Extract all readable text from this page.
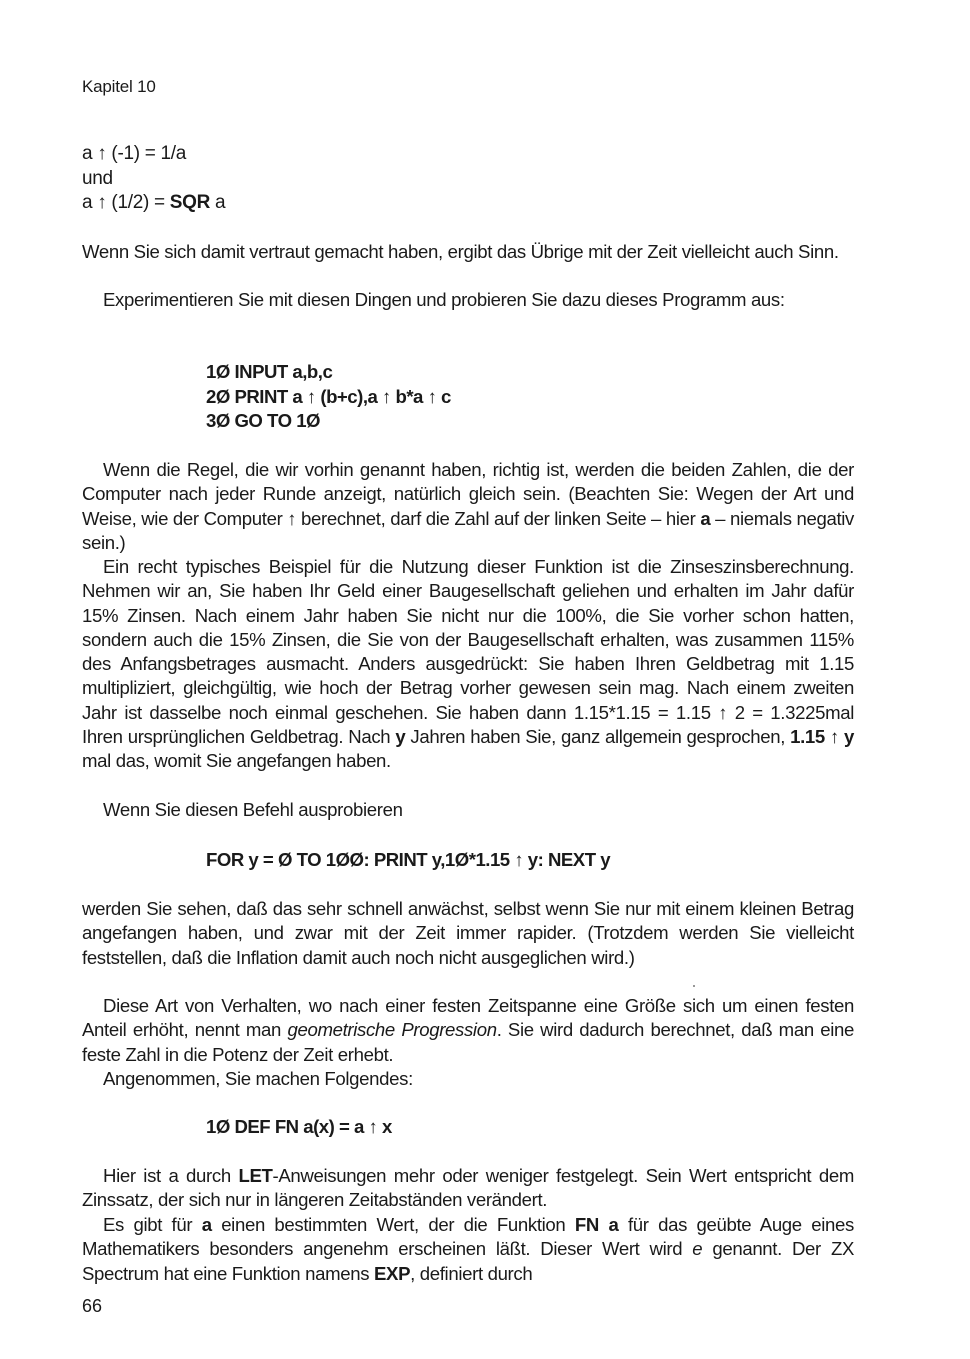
Kapitel 10
a ↑ (-1) = 1/a
und
a ↑ (1/2) = SQR a

Wenn Sie sich damit vertraut gemacht haben, ergibt das Übrige mit der Zeit vielleicht auch Sinn.

Experimentieren Sie mit diesen Dingen und probieren Sie dazu dieses Programm aus:

1Ø INPUT a,b,c
2Ø PRINT a ↑ (b+c),a ↑ b*a ↑ c
3Ø GO TO 1Ø

Wenn die Regel, die wir vorhin genannt haben, richtig ist, werden die beiden Zahlen, die der Computer nach jeder Runde anzeigt, natürlich gleich sein. (Beachten Sie: Wegen der Art und Weise, wie der Computer ↑ berechnet, darf die Zahl auf der linken Seite – hier a – niemals negativ sein.)

Ein recht typisches Beispiel für die Nutzung dieser Funktion ist die Zinseszinsberechnung. Nehmen wir an, Sie haben Ihr Geld einer Baugesellschaft geliehen und erhalten im Jahr dafür 15% Zinsen. Nach einem Jahr haben Sie nicht nur die 100%, die Sie vorher schon hatten, sondern auch die 15% Zinsen, die Sie von der Baugesellschaft erhalten, was zusammen 115% des Anfangsbetrages ausmacht. Anders ausgedrückt: Sie haben Ihren Geldbetrag mit 1.15 multipliziert, gleichgültig, wie hoch der Betrag vorher gewesen sein mag. Nach einem zweiten Jahr ist dasselbe noch einmal geschehen. Sie haben dann 1.15*1.15 = 1.15 ↑ 2 = 1.3225mal Ihren ursprünglichen Geldbetrag. Nach y Jahren haben Sie, ganz allgemein gesprochen, 1.15 ↑ y mal das, womit Sie angefangen haben.

Wenn Sie diesen Befehl ausprobieren

FOR y = Ø TO 1ØØ: PRINT y,1Ø*1.15 ↑ y: NEXT y

werden Sie sehen, daß das sehr schnell anwächst, selbst wenn Sie nur mit einem kleinen Betrag angefangen haben, und zwar mit der Zeit immer rapider. (Trotzdem werden Sie vielleicht feststellen, daß die Inflation damit auch noch nicht ausgeglichen wird.)

Diese Art von Verhalten, wo nach einer festen Zeitspanne eine Größe sich um einen festen Anteil erhöht, nennt man geometrische Progression. Sie wird dadurch berechnet, daß man eine feste Zahl in die Potenz der Zeit erhebt.

Angenommen, Sie machen Folgendes:

1Ø DEF FN a(x) = a ↑ x

Hier ist a durch LET-Anweisungen mehr oder weniger festgelegt. Sein Wert entspricht dem Zinssatz, der sich nur in längeren Zeitabständen verändert.

Es gibt für a einen bestimmten Wert, der die Funktion FN a für das geübte Auge eines Mathematikers besonders angenehm erscheinen läßt. Dieser Wert wird e genannt. Der ZX Spectrum hat eine Funktion namens EXP, definiert durch

66
